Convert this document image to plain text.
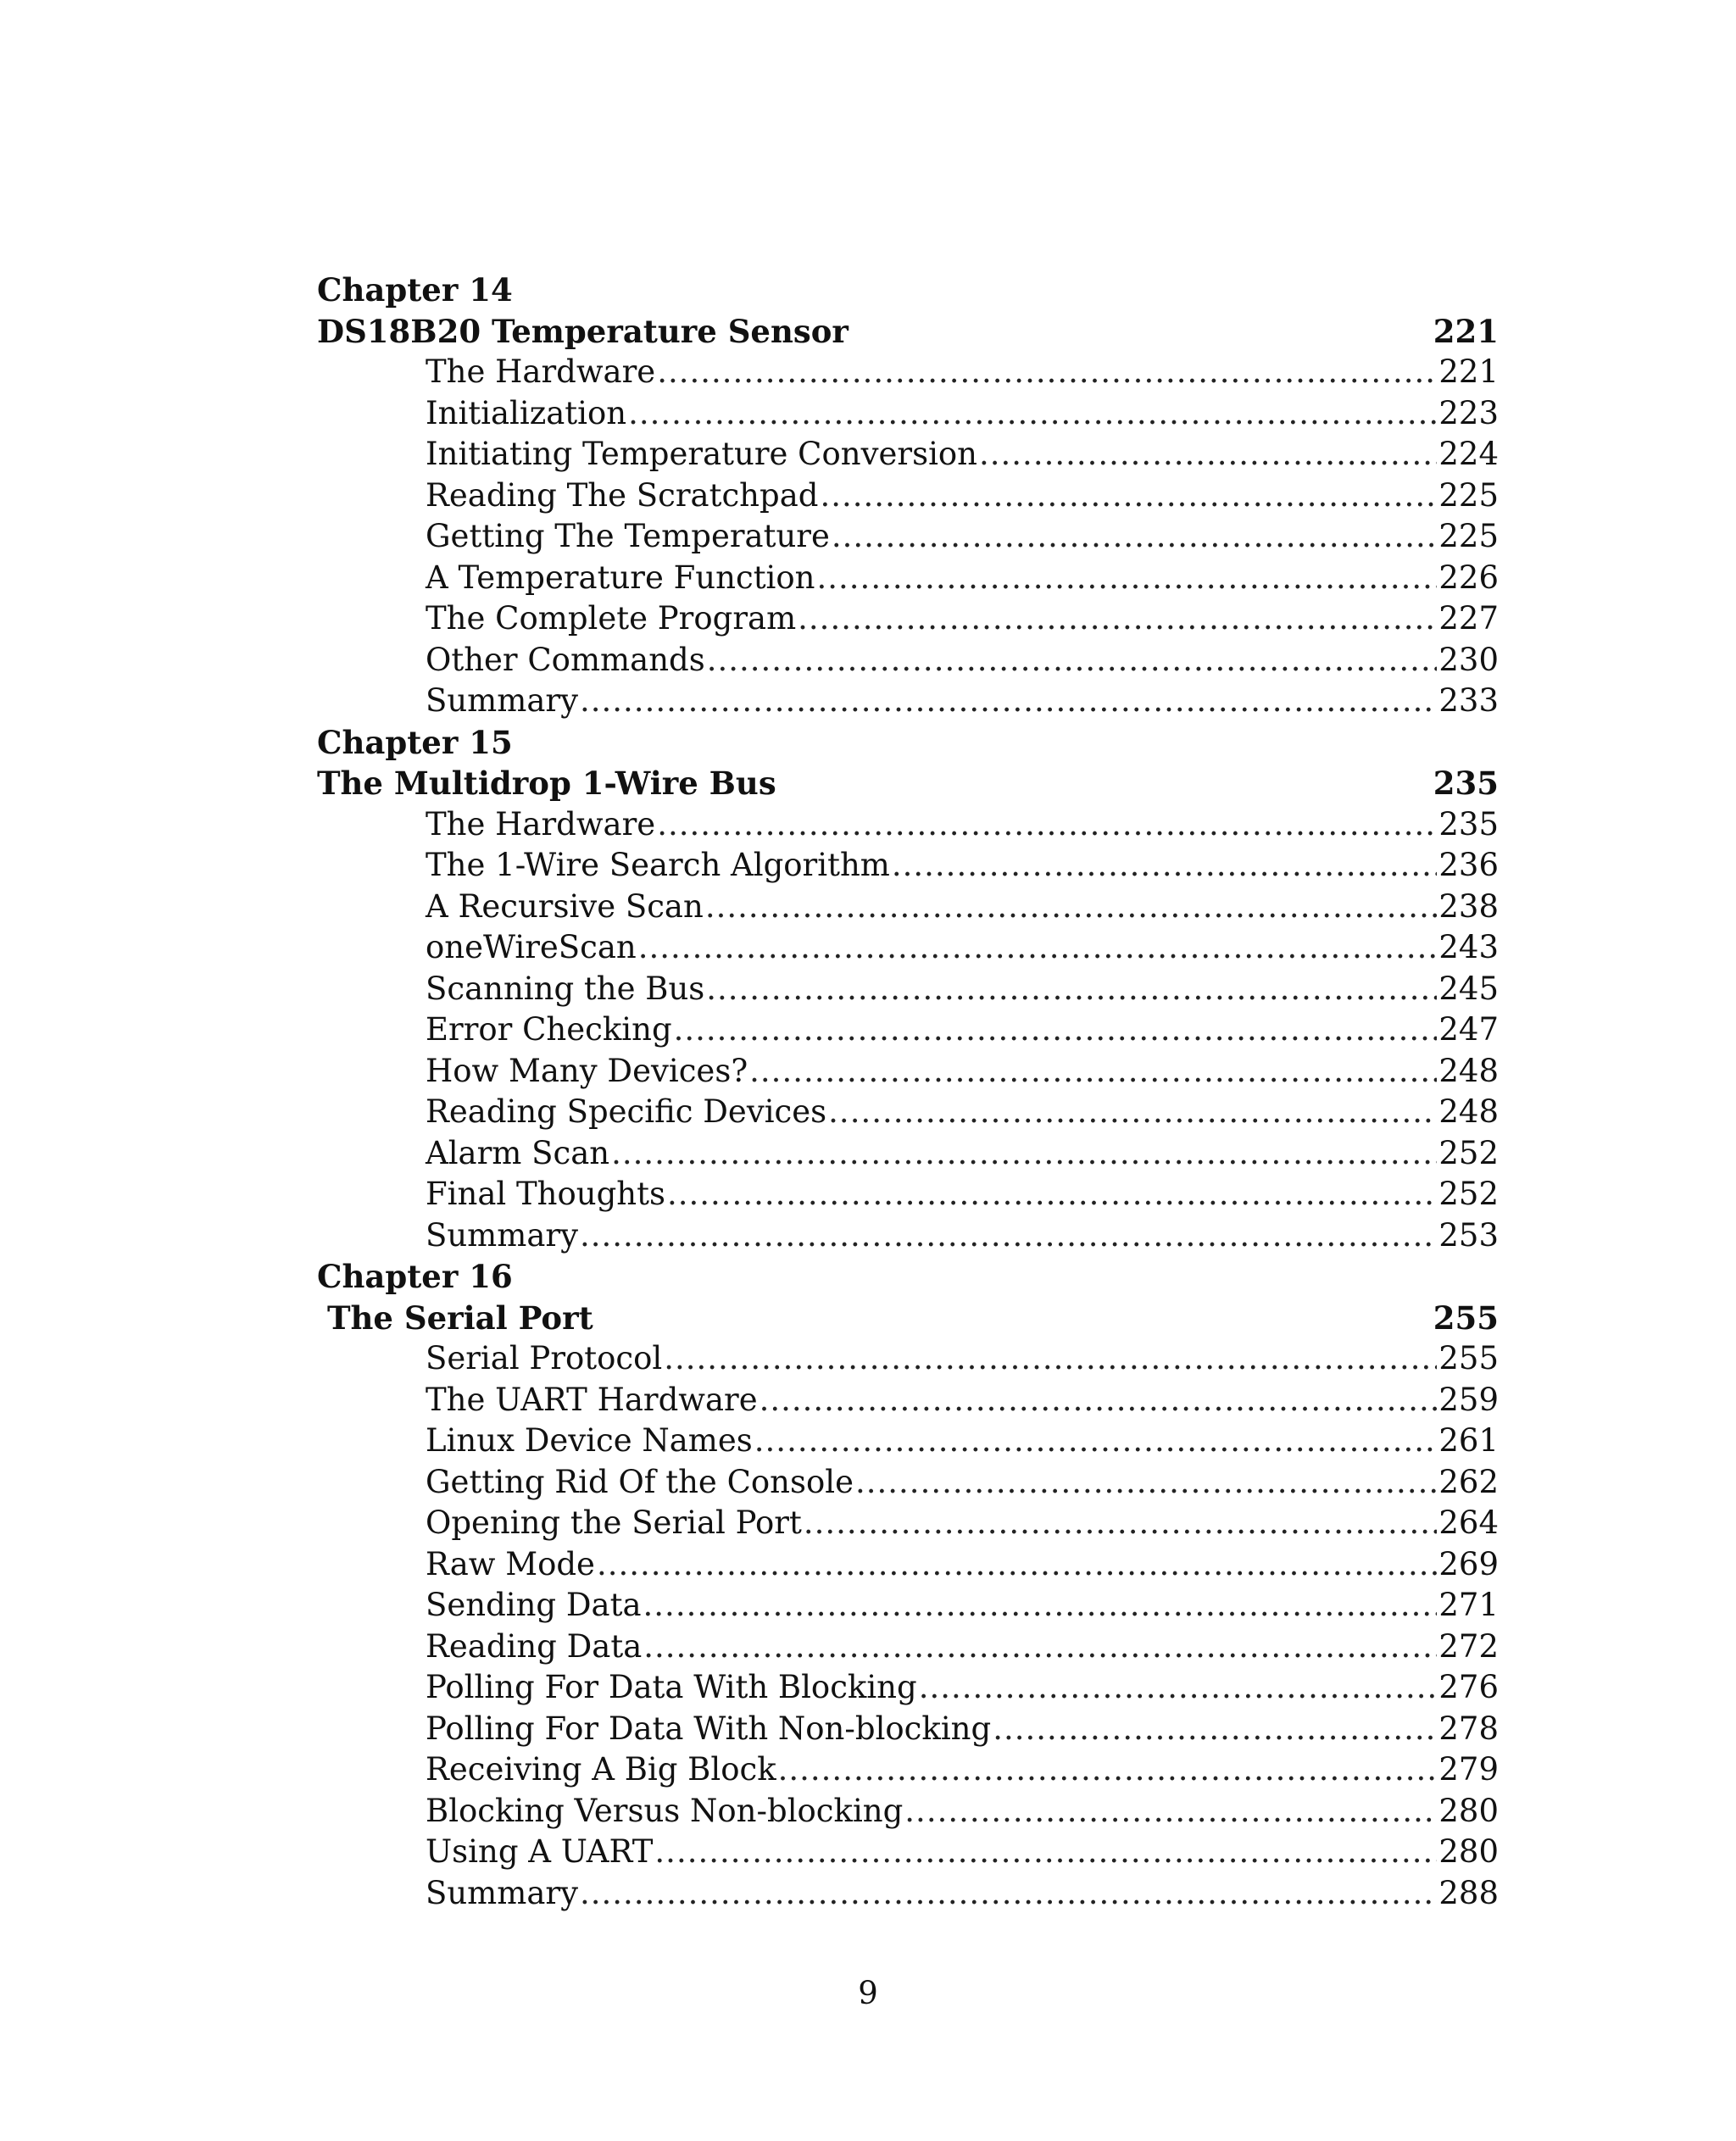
Chapter 14
DS18B20 Temperature Sensor	221
The Hardware .....	221
Initialization .....	223
Initiating Temperature Conversion .....	224
Reading The Scratchpad .....	225
Getting The Temperature .....	225
A Temperature Function .....	226
The Complete Program .....	227
Other Commands .....	230
Summary .....	233
Chapter 15
The Multidrop 1-Wire Bus	235
The Hardware .....	235
The 1-Wire Search Algorithm .....	236
A Recursive Scan .....	238
oneWireScan .....	243
Scanning the Bus .....	245
Error Checking .....	247
How Many Devices? .....	248
Reading Specific Devices .....	248
Alarm Scan .....	252
Final Thoughts .....	252
Summary .....	253
Chapter 16
The Serial Port	255
Serial Protocol .....	255
The UART Hardware .....	259
Linux Device Names .....	261
Getting Rid Of the Console .....	262
Opening the Serial Port .....	264
Raw Mode .....	269
Sending Data .....	271
Reading Data .....	272
Polling For Data With Blocking .....	276
Polling For Data With Non-blocking .....	278
Receiving A Big Block .....	279
Blocking Versus Non-blocking .....	280
Using A UART .....	280
Summary .....	288
9
